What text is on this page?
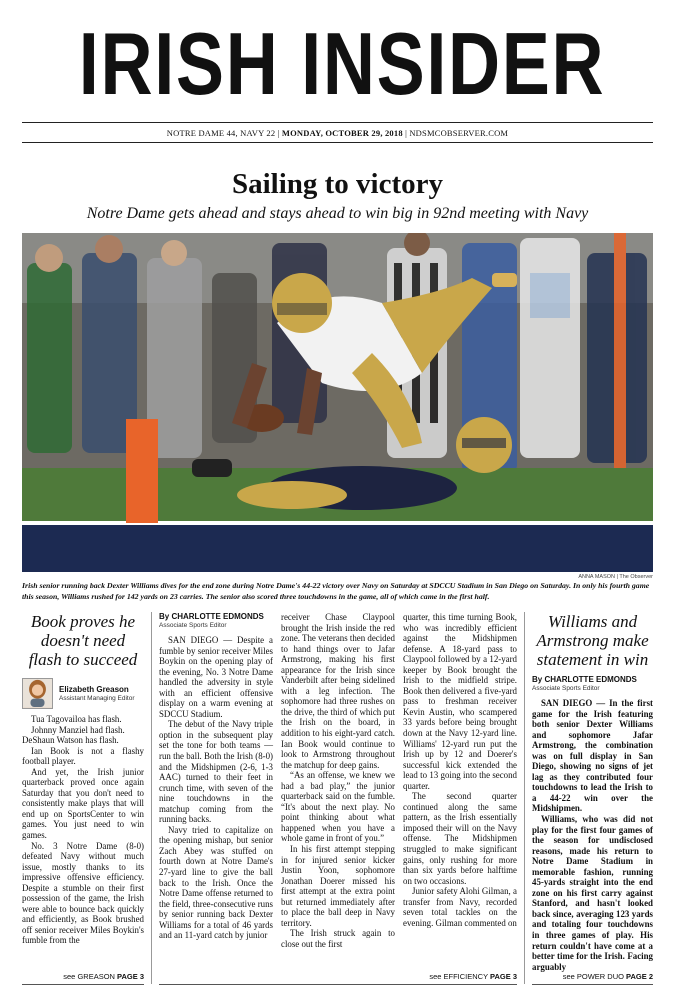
IRISH INSIDER
NOTRE DAME 44, NAVY 22 | MONDAY, OCTOBER 29, 2018 | NDSMCOBSERVER.COM
Sailing to victory
Notre Dame gets ahead and stays ahead to win big in 92nd meeting with Navy
ANNA MASON | The Observer
Irish senior running back Dexter Williams dives for the end zone during Notre Dame's 44-22 victory over Navy on Saturday at SDCCU Stadium in San Diego on Saturday. In only his fourth game this season, Williams rushed for 142 yards on 23 carries. The senior also scored three touchdowns in the game, all of which came in the first half.
Book proves he doesn't need flash to succeed
Elizabeth Greason
Assistant Managing Editor

Tua Tagovailoa has flash.

Johnny Manziel had flash.

DeShaun Watson has flash.

Ian Book is not a flashy football player.

And yet, the Irish junior quarterback proved once again Saturday that you don't need to consistently make plays that will end up on SportsCenter to win games. You just need to win games.

No. 3 Notre Dame (8-0) defeated Navy without much issue, mostly thanks to its impressive offensive efficiency. Despite a stumble on their first possession of the game, the Irish were able to bounce back quickly and efficiently, as Book brushed off senior receiver Miles Boykin's fumble from the

see GREASON PAGE 3
By CHARLOTTE EDMONDS
Associate Sports Editor

SAN DIEGO — Despite a fumble by senior receiver Miles Boykin on the opening play of the evening, No. 3 Notre Dame handled the adversity in style with an efficient offensive display on a warm evening at SDCCU Stadium.

The debut of the Navy triple option in the subsequent play set the tone for both teams — run the ball. Both the Irish (8-0) and the Midshipmen (2-6, 1-3 AAC) turned to their feet in crunch time, with seven of the nine touchdowns in the matchup coming from the running backs.

Navy tried to capitalize on the opening mishap, but senior Zach Abey was stuffed on fourth down at Notre Dame's 27-yard line to give the ball back to the Irish. Once the Notre Dame offense returned to the field, three-consecutive runs by senior running back Dexter Williams for a total of 46 yards and an 11-yard catch by junior

receiver Chase Claypool brought the Irish inside the red zone. The veterans then decided to hand things over to Jafar Armstrong, making his first appearance for the Irish since Vanderbilt after being sidelined with a leg infection. The sophomore had three rushes on the drive, the third of which put the Irish on the board, in addition to his eight-yard catch. Ian Book would continue to look to Armstrong throughout the matchup for deep gains.

“As an offense, we knew we had a bad play,” the junior quarterback said on the fumble. “It's about the next play. No point thinking about what happened when you have a whole game in front of you.”

In his first attempt stepping in for injured senior kicker Justin Yoon, sophomore Jonathan Doerer missed his first attempt at the extra point but returned immediately after to place the ball deep in Navy territory.

The Irish struck again to close out the first

quarter, this time turning Book, who was incredibly efficient against the Midshipmen defense. A 18-yard pass to Claypool followed by a 12-yard keeper by Book brought the Irish to the midfield stripe. Book then delivered a five-yard pass to freshman receiver Kevin Austin, who scampered 33 yards before being brought down at the Navy 12-yard line. Williams' 12-yard run put the Irish up by 12 and Doerer's successful kick extended the lead to 13 going into the second quarter.

The second quarter continued along the same pattern, as the Irish essentially imposed their will on the Navy offense. The Midshipmen struggled to make significant gains, only rushing for more than six yards before halftime on two occasions.

Junior safety Alohi Gilman, a transfer from Navy, recorded seven total tackles on the evening. Gilman commented on

see EFFICIENCY PAGE 3
Williams and Armstrong make statement in win
By CHARLOTTE EDMONDS
Associate Sports Editor

SAN DIEGO — In the first game for the Irish featuring both senior Dexter Williams and sophomore Jafar Armstrong, the combination was on full display in San Diego, showing no signs of jet lag as they contributed four touchdowns to lead the Irish to a 44-22 win over the Midshipmen.

Williams, who was did not play for the first four games of the season for undisclosed reasons, made his return to Notre Dame Stadium in memorable fashion, running 45-yards straight into the end zone on his first carry against Stanford, and hasn't looked back since, averaging 123 yards and totaling four touchdowns in three games of play. His return couldn't have come at a better time for the Irish. Facing arguably

see POWER DUO PAGE 2
